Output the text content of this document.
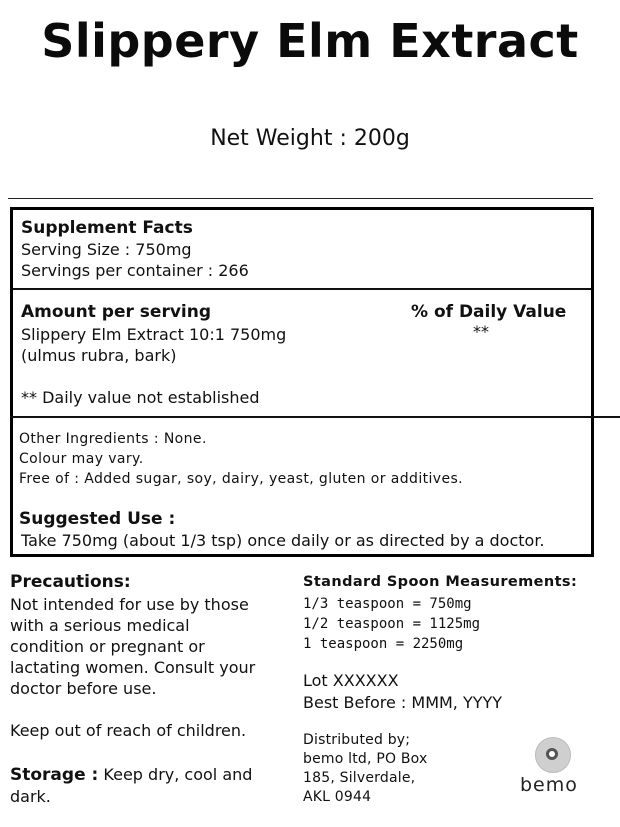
Slippery Elm Extract
Net Weight : 200g
Supplement Facts
Serving Size : 750mg
Servings per container : 266
Amount per serving	% of Daily Value
Slippery Elm Extract 10:1 750mg	**
(ulmus rubra, bark)
** Daily value not established
Other Ingredients : None.
Colour may vary.
Free of : Added sugar, soy, dairy, yeast, gluten or additives.
Suggested Use :
Take 750mg (about 1/3 tsp) once daily or as directed by a doctor.
Precautions:
Not intended for use by those
with a serious medical
condition or pregnant or
lactating women. Consult your
doctor before use.
Keep out of reach of children.
Storage : Keep dry, cool and
dark.
Standard Spoon Measurements:
1/3 teaspoon = 750mg
1/2 teaspoon = 1125mg
1 teaspoon = 2250mg
Lot XXXXXX
Best Before : MMM, YYYY
Distributed by;
bemo ltd, PO Box
185, Silverdale,
AKL 0944
bemo
